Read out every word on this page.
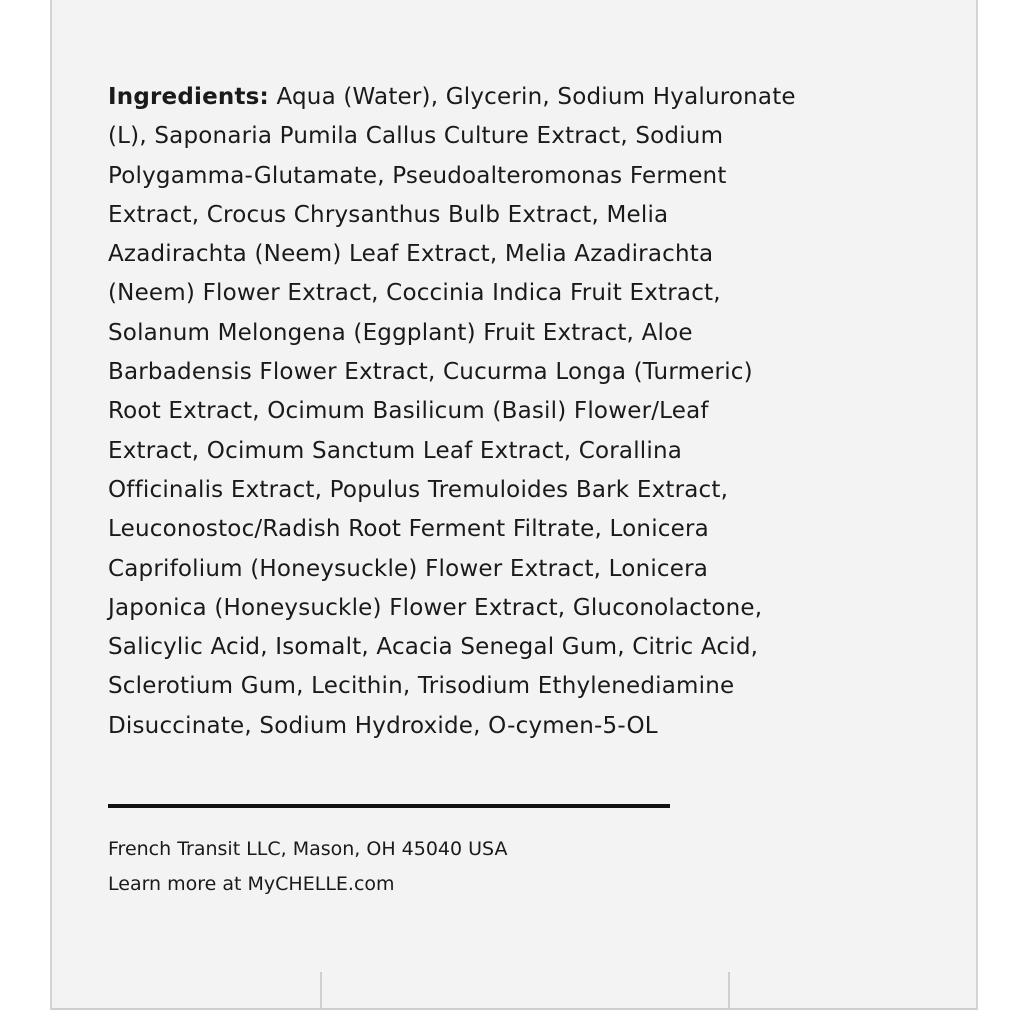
Ingredients: Aqua (Water), Glycerin, Sodium Hyaluronate
(L), Saponaria Pumila Callus Culture Extract, Sodium
Polygamma-Glutamate, Pseudoalteromonas Ferment
Extract, Crocus Chrysanthus Bulb Extract, Melia
Azadirachta (Neem) Leaf Extract, Melia Azadirachta
(Neem) Flower Extract, Coccinia Indica Fruit Extract,
Solanum Melongena (Eggplant) Fruit Extract, Aloe
Barbadensis Flower Extract, Cucurma Longa (Turmeric)
Root Extract, Ocimum Basilicum (Basil) Flower/Leaf
Extract, Ocimum Sanctum Leaf Extract, Corallina
Officinalis Extract, Populus Tremuloides Bark Extract,
Leuconostoc/Radish Root Ferment Filtrate, Lonicera
Caprifolium (Honeysuckle) Flower Extract, Lonicera
Japonica (Honeysuckle) Flower Extract, Gluconolactone,
Salicylic Acid, Isomalt, Acacia Senegal Gum, Citric Acid,
Sclerotium Gum, Lecithin, Trisodium Ethylenediamine
Disuccinate, Sodium Hydroxide, O-cymen-5-OL
French Transit LLC, Mason, OH 45040 USA
Learn more at MyCHELLE.com
